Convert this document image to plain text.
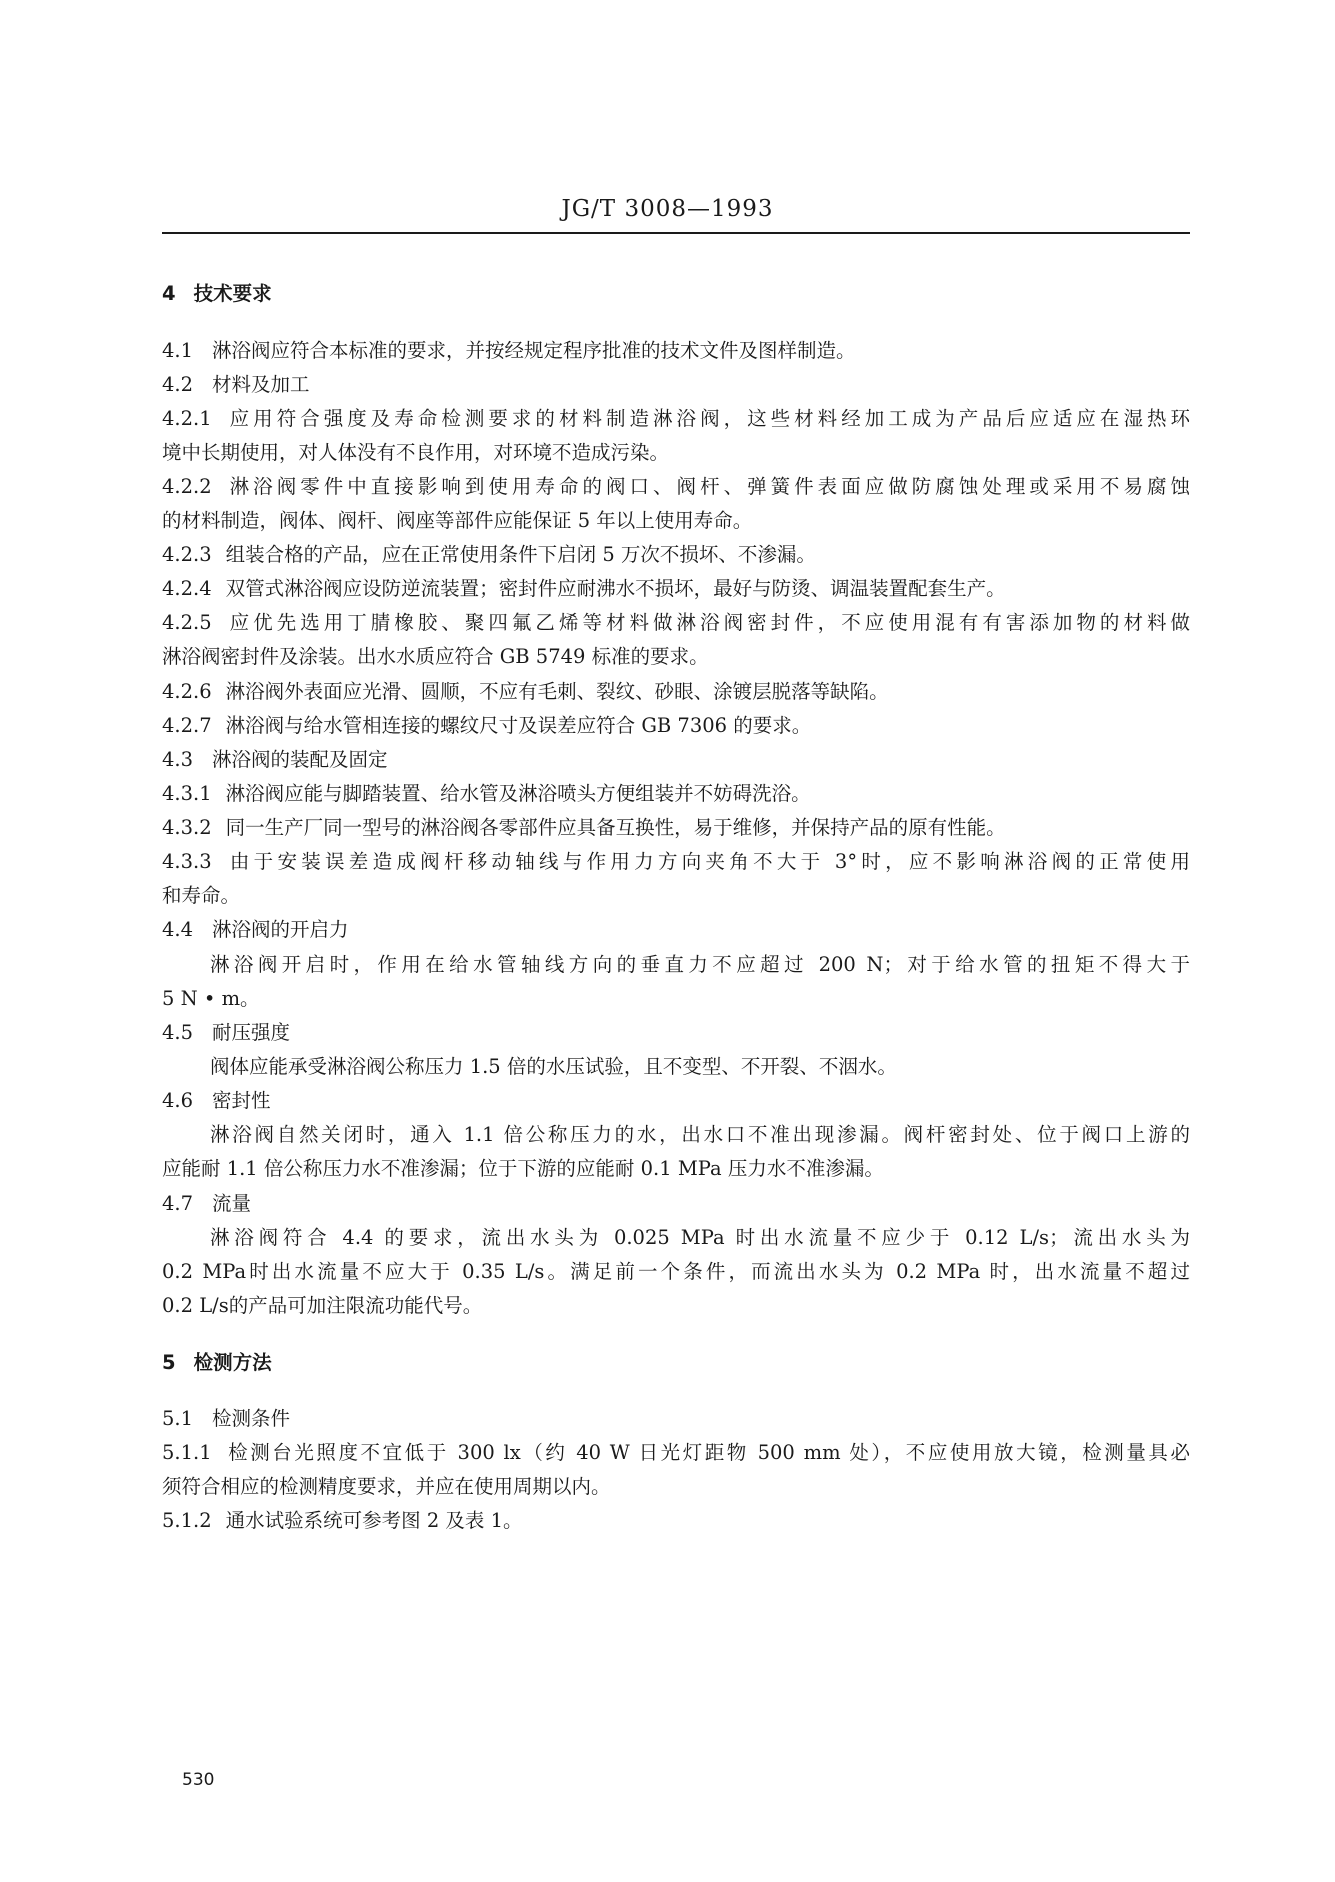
JG/T 3008—1993
4 技术要求
4.1 淋浴阀应符合本标准的要求，并按经规定程序批准的技术文件及图样制造。
4.2 材料及加工
4.2.1 应用符合强度及寿命检测要求的材料制造淋浴阀，这些材料经加工成为产品后应适应在湿热环
境中长期使用，对人体没有不良作用，对环境不造成污染。
4.2.2 淋浴阀零件中直接影响到使用寿命的阀口、阀杆、弹簧件表面应做防腐蚀处理或采用不易腐蚀
的材料制造，阀体、阀杆、阀座等部件应能保证 5 年以上使用寿命。
4.2.3 组装合格的产品，应在正常使用条件下启闭 5 万次不损坏、不渗漏。
4.2.4 双管式淋浴阀应设防逆流装置；密封件应耐沸水不损坏，最好与防烫、调温装置配套生产。
4.2.5 应优先选用丁腈橡胶、聚四氟乙烯等材料做淋浴阀密封件，不应使用混有有害添加物的材料做
淋浴阀密封件及涂装。出水水质应符合 GB 5749 标准的要求。
4.2.6 淋浴阀外表面应光滑、圆顺，不应有毛刺、裂纹、砂眼、涂镀层脱落等缺陷。
4.2.7 淋浴阀与给水管相连接的螺纹尺寸及误差应符合 GB 7306 的要求。
4.3 淋浴阀的装配及固定
4.3.1 淋浴阀应能与脚踏装置、给水管及淋浴喷头方便组装并不妨碍洗浴。
4.3.2 同一生产厂同一型号的淋浴阀各零部件应具备互换性，易于维修，并保持产品的原有性能。
4.3.3 由于安装误差造成阀杆移动轴线与作用力方向夹角不大于 3°时，应不影响淋浴阀的正常使用
和寿命。
4.4 淋浴阀的开启力
淋浴阀开启时，作用在给水管轴线方向的垂直力不应超过 200 N；对于给水管的扭矩不得大于
5 N • m。
4.5 耐压强度
阀体应能承受淋浴阀公称压力 1.5 倍的水压试验，且不变型、不开裂、不洇水。
4.6 密封性
淋浴阀自然关闭时，通入 1.1 倍公称压力的水，出水口不准出现渗漏。阀杆密封处、位于阀口上游的
应能耐 1.1 倍公称压力水不准渗漏；位于下游的应能耐 0.1 MPa 压力水不准渗漏。
4.7 流量
淋浴阀符合 4.4 的要求，流出水头为 0.025 MPa 时出水流量不应少于 0.12 L/s；流出水头为
0.2 MPa时出水流量不应大于 0.35 L/s。满足前一个条件，而流出水头为 0.2 MPa 时，出水流量不超过
0.2 L/s的产品可加注限流功能代号。
5 检测方法
5.1 检测条件
5.1.1 检测台光照度不宜低于 300 lx（约 40 W 日光灯距物 500 mm 处），不应使用放大镜，检测量具必
须符合相应的检测精度要求，并应在使用周期以内。
5.1.2 通水试验系统可参考图 2 及表 1。
530
